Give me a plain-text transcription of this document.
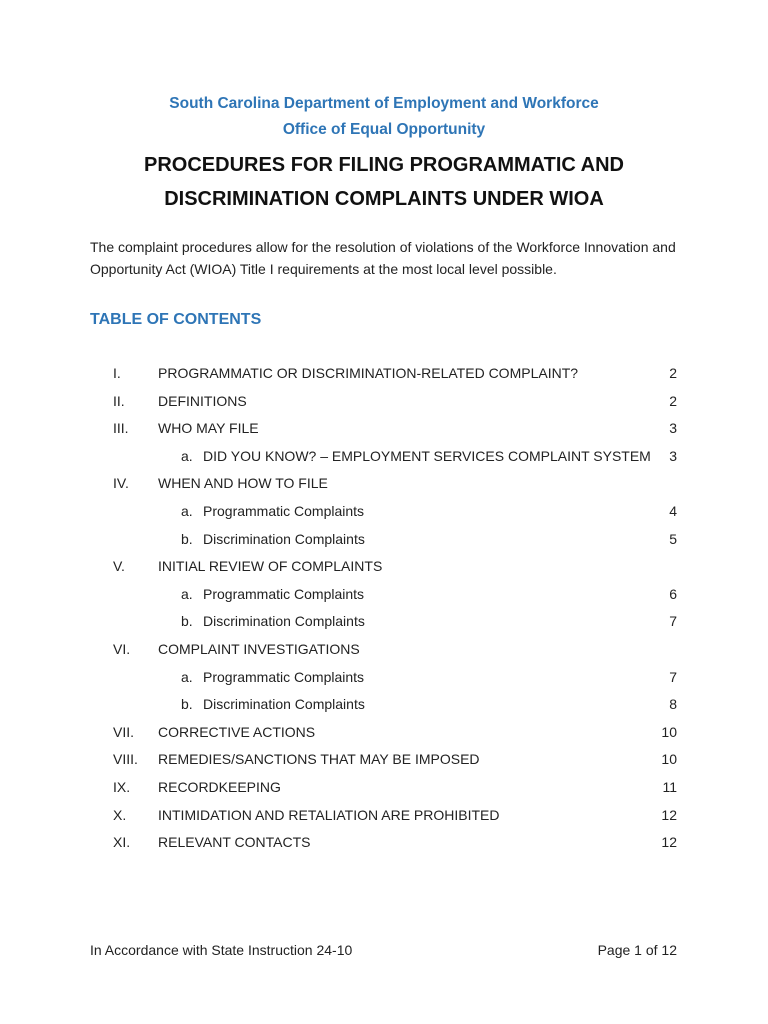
South Carolina Department of Employment and Workforce
Office of Equal Opportunity
PROCEDURES FOR FILING PROGRAMMATIC AND
DISCRIMINATION COMPLAINTS UNDER WIOA
The complaint procedures allow for the resolution of violations of the Workforce Innovation and Opportunity Act (WIOA) Title I requirements at the most local level possible.
TABLE OF CONTENTS
I.	PROGRAMMATIC OR DISCRIMINATION-RELATED COMPLAINT?	2
II. DEFINITIONS	2
III. WHO MAY FILE	3
a. DID YOU KNOW? – EMPLOYMENT SERVICES COMPLAINT SYSTEM 3
IV. WHEN AND HOW TO FILE
a. Programmatic Complaints	4
b. Discrimination Complaints	5
V. INITIAL REVIEW OF COMPLAINTS
a. Programmatic Complaints	6
b. Discrimination Complaints	7
VI. COMPLAINT INVESTIGATIONS
a. Programmatic Complaints	7
b. Discrimination Complaints	8
VII. CORRECTIVE ACTIONS	10
VIII. REMEDIES/SANCTIONS THAT MAY BE IMPOSED	10
IX. RECORDKEEPING	11
X. INTIMIDATION AND RETALIATION ARE PROHIBITED	12
XI. RELEVANT CONTACTS	12
In Accordance with State Instruction 24-10	Page 1 of 12
